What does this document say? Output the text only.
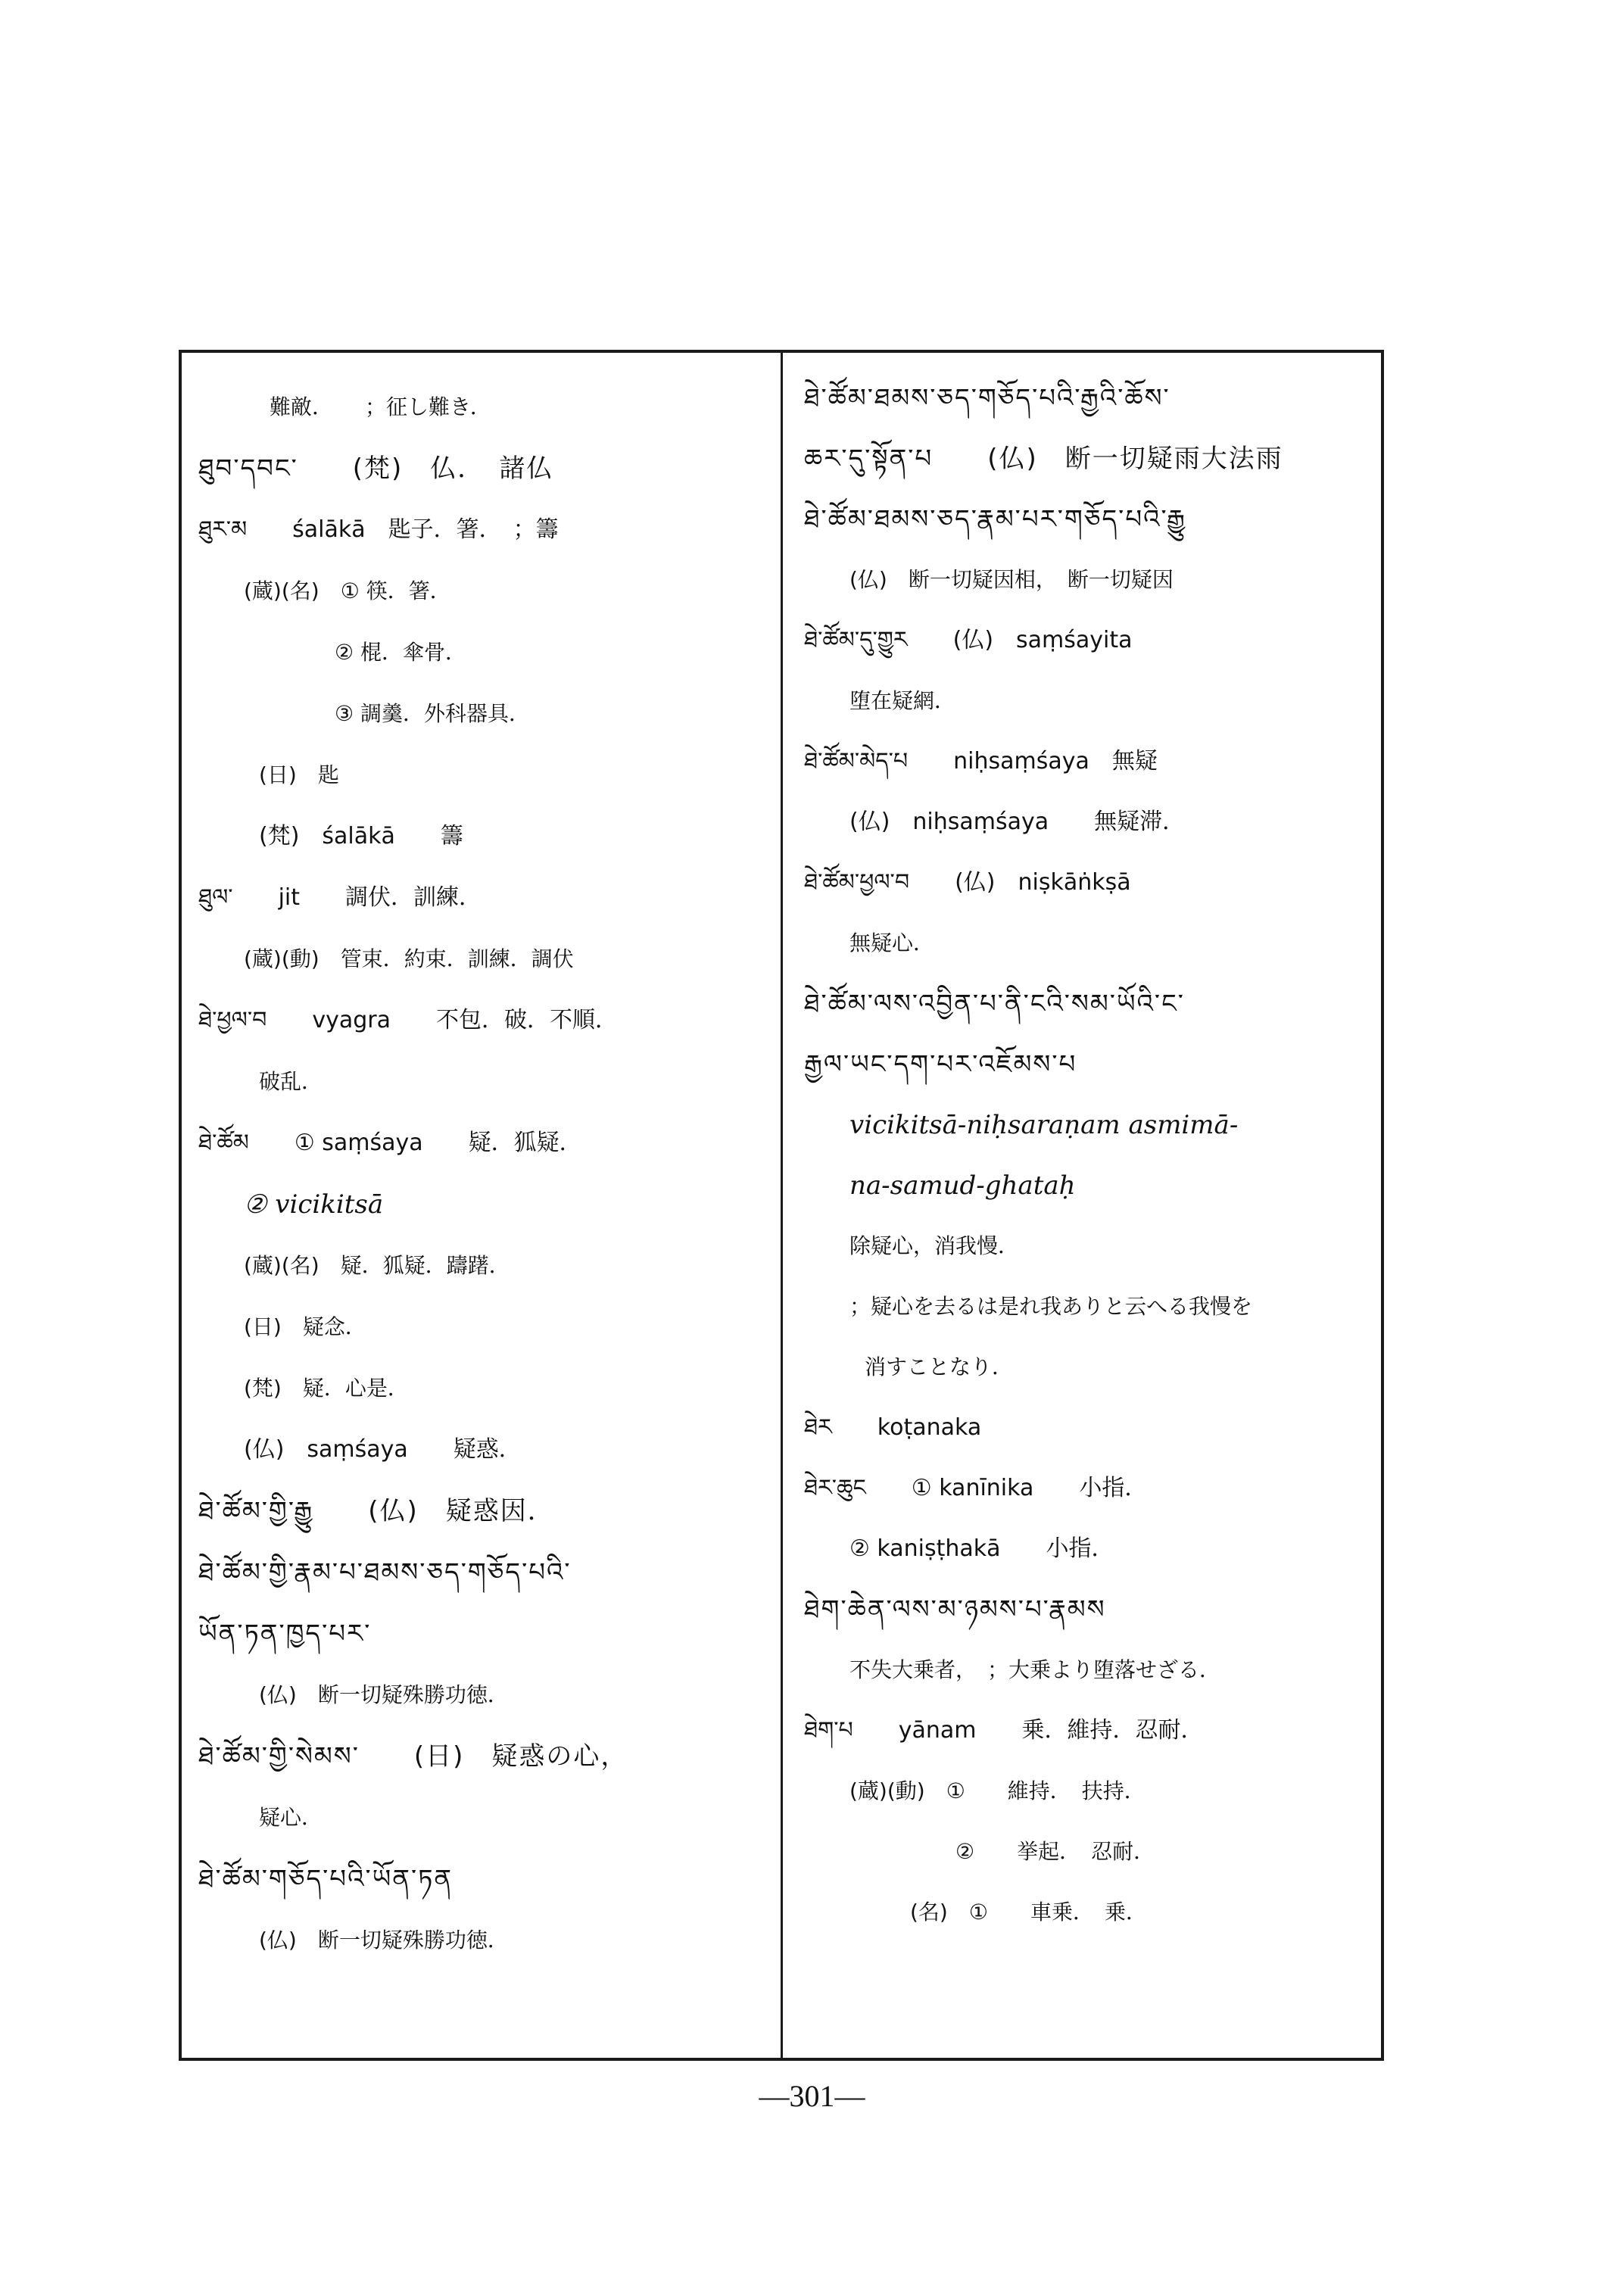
難敵．　　；征し難き．
ཐུབ་དབང་　　(梵)　仏．　諸仏
ཐུར་མ　　śalākā　匙子．箸．　；籌
(蔵)(名)　① 筷．箸．
② 棍．傘骨．
③ 調羹．外科器具．
(日)　匙
(梵)　śalākā　　籌
ཐུལ་　　jit　　調伏．訓練．
(蔵)(動)　管束．約束．訓練．調伏
ཐེ་ཕྱལ་བ　　vyagra　　不包．破．不順．
破乱．
ཐེ་ཚོམ　　① saṃśaya　　疑．狐疑．
② vicikitsā
(蔵)(名)　疑．狐疑．躊躇．
(日)　疑念．
(梵)　疑．心是．
(仏)　saṃśaya　　疑惑．
ཐེ་ཚོམ་གྱི་རྒྱུ　　(仏)　疑惑因．
ཐེ་ཚོམ་གྱི་རྣམ་པ་ཐམས་ཅད་གཅོད་པའི་
ཡོན་ཏན་ཁྱད་པར་
(仏)　断一切疑殊勝功徳．
ཐེ་ཚོམ་གྱི་སེམས་　　(日)　疑惑の心，
疑心．
ཐེ་ཚོམ་གཅོད་པའི་ཡོན་ཏན
(仏)　断一切疑殊勝功徳．
ཐེ་ཚོམ་ཐམས་ཅད་གཅོད་པའི་རྒྱའི་ཆོས་
ཆར་དུ་སྟོན་པ　　(仏)　断一切疑雨大法雨
ཐེ་ཚོམ་ཐམས་ཅད་རྣམ་པར་གཅོད་པའི་རྒྱུ
(仏)　断一切疑因相，　断一切疑因
ཐེ་ཚོམ་དུ་གྱུར　　(仏)　saṃśayita
堕在疑網．
ཐེ་ཚོམ་མེད་པ　　niḥsaṃśaya　無疑
(仏)　niḥsaṃśaya　　無疑滞．
ཐེ་ཚོམ་ཕྱལ་བ　　(仏)　niṣkāṅkṣā
無疑心．
ཐེ་ཚོམ་ལས་འབྱིན་པ་ནི་ངའི་སམ་ཡོའི་ང་
རྒྱལ་ཡང་དག་པར་འཇོམས་པ
vicikitsā-niḥsaraṇam asmimā-
na-samud-ghataḥ
除疑心，消我慢．
；疑心を去るは是れ我ありと云へる我慢を
消すことなり．
ཐེར　　koṭanaka
ཐེར་ཆུང　　① kanīnika　　小指．
② kaniṣṭhakā　　小指．
ཐེག་ཆེན་ལས་མ་ཉམས་པ་རྣམས
不失大乗者，　；大乗より堕落せざる．
ཐེག་པ　　yānam　　乗．維持．忍耐．
(蔵)(動)　①　　維持．　扶持．
②　　挙起．　忍耐．
(名)　①　　車乗．　乗．
—301—
